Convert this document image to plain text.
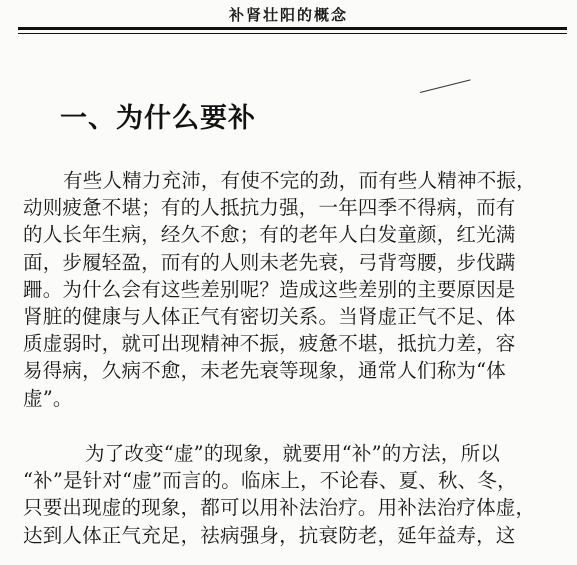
补肾壮阳的概念
一、为什么要补
有些人精力充沛，有使不完的劲，而有些人精神不振，
动则疲惫不堪；有的人抵抗力强，一年四季不得病，而有
的人长年生病，经久不愈；有的老年人白发童颜，红光满
面，步履轻盈，而有的人则未老先衰，弓背弯腰，步伐蹒
跚。为什么会有这些差别呢？造成这些差别的主要原因是
肾脏的健康与人体正气有密切关系。当肾虚正气不足、体
质虚弱时，就可出现精神不振，疲惫不堪，抵抗力差，容
易得病，久病不愈，未老先衰等现象，通常人们称为“体
虚”。
为了改变“虚”的现象，就要用“补”的方法，所以
“补”是针对“虚”而言的。临床上，不论春、夏、秋、冬，
只要出现虚的现象，都可以用补法治疗。用补法治疗体虚，
达到人体正气充足，祛病强身，抗衰防老，延年益寿，这
